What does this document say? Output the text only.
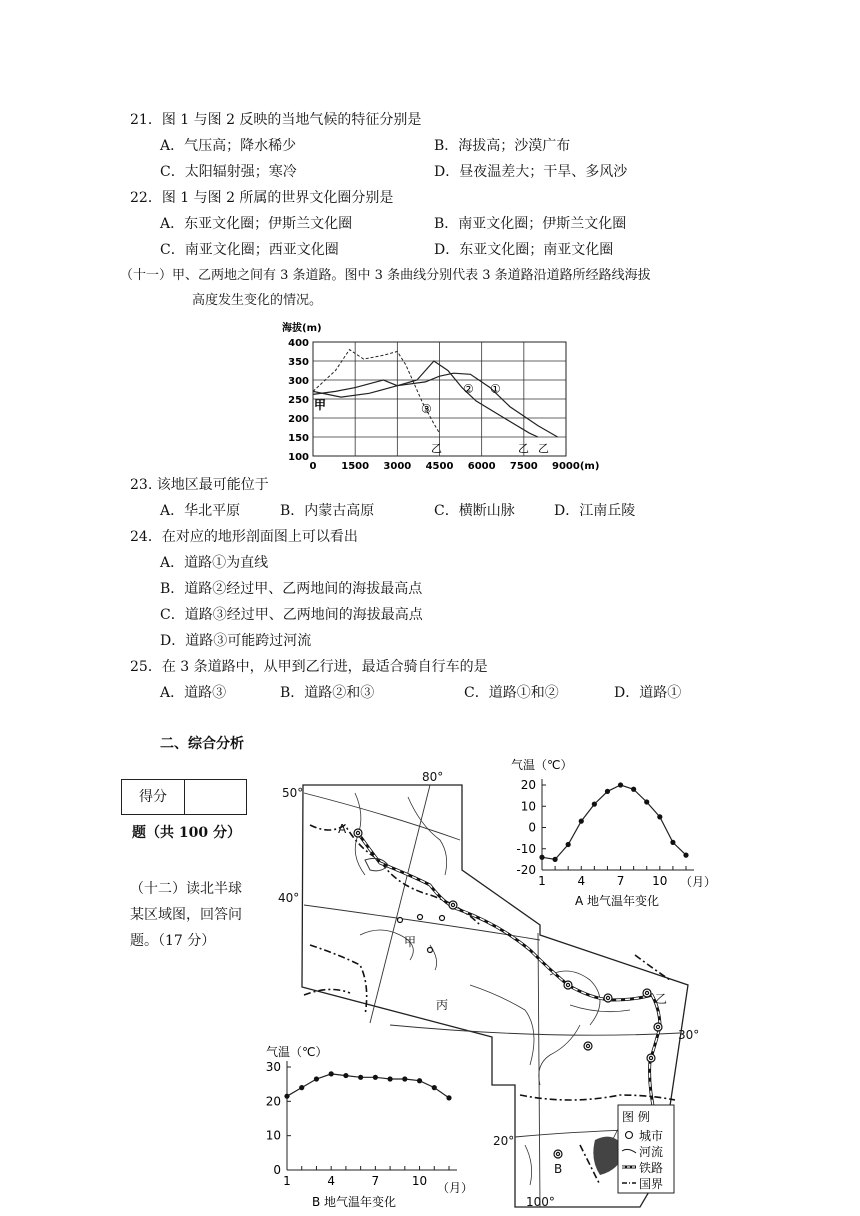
21．图 1 与图 2 反映的当地气候的特征分别是
A．气压高；降水稀少	B．海拔高；沙漠广布
C．太阳辐射强；寒冷	D．昼夜温差大；干旱、多风沙
22．图 1 与图 2 所属的世界文化圈分别是
A．东亚文化圈；伊斯兰文化圈	B．南亚文化圈；伊斯兰文化圈
C．南亚文化圈；西亚文化圈	D．东亚文化圈；南亚文化圈
（十一）甲、乙两地之间有 3 条道路。图中 3 条曲线分别代表 3 条道路沿道路所经路线海拔
高度发生变化的情况。
海拔(m)
400
350
300
250
200
150
100
0 1500 3000 4500 6000 7500 9000(m)
甲
乙	乙 乙
①
②
③
23. 该地区最可能位于
A．华北平原	B．内蒙古高原	C．横断山脉	D．江南丘陵
24．在对应的地形剖面图上可以看出
A．道路①为直线
B．道路②经过甲、乙两地间的海拔最高点
C．道路③经过甲、乙两地间的海拔最高点
D．道路③可能跨过河流
25．在 3 条道路中，从甲到乙行进，最适合骑自行车的是
A．道路③	B．道路②和③	C．道路①和②	D．道路①
二、综合分析
得分
题（共 100 分）
（十二）读北半球
某区域图，回答问
题。（17 分）
80°
100°
50°
40°
30°
20°
A
B
甲
乙
丙
图 例
城市
河流
铁路
国界
气温（℃）
20
10
0
-10
-20
1	4	7 10 （月）
A 地气温年变化
气温（℃）
30
20
10
0
1	4	7	10 （月）
B 地气温年变化
